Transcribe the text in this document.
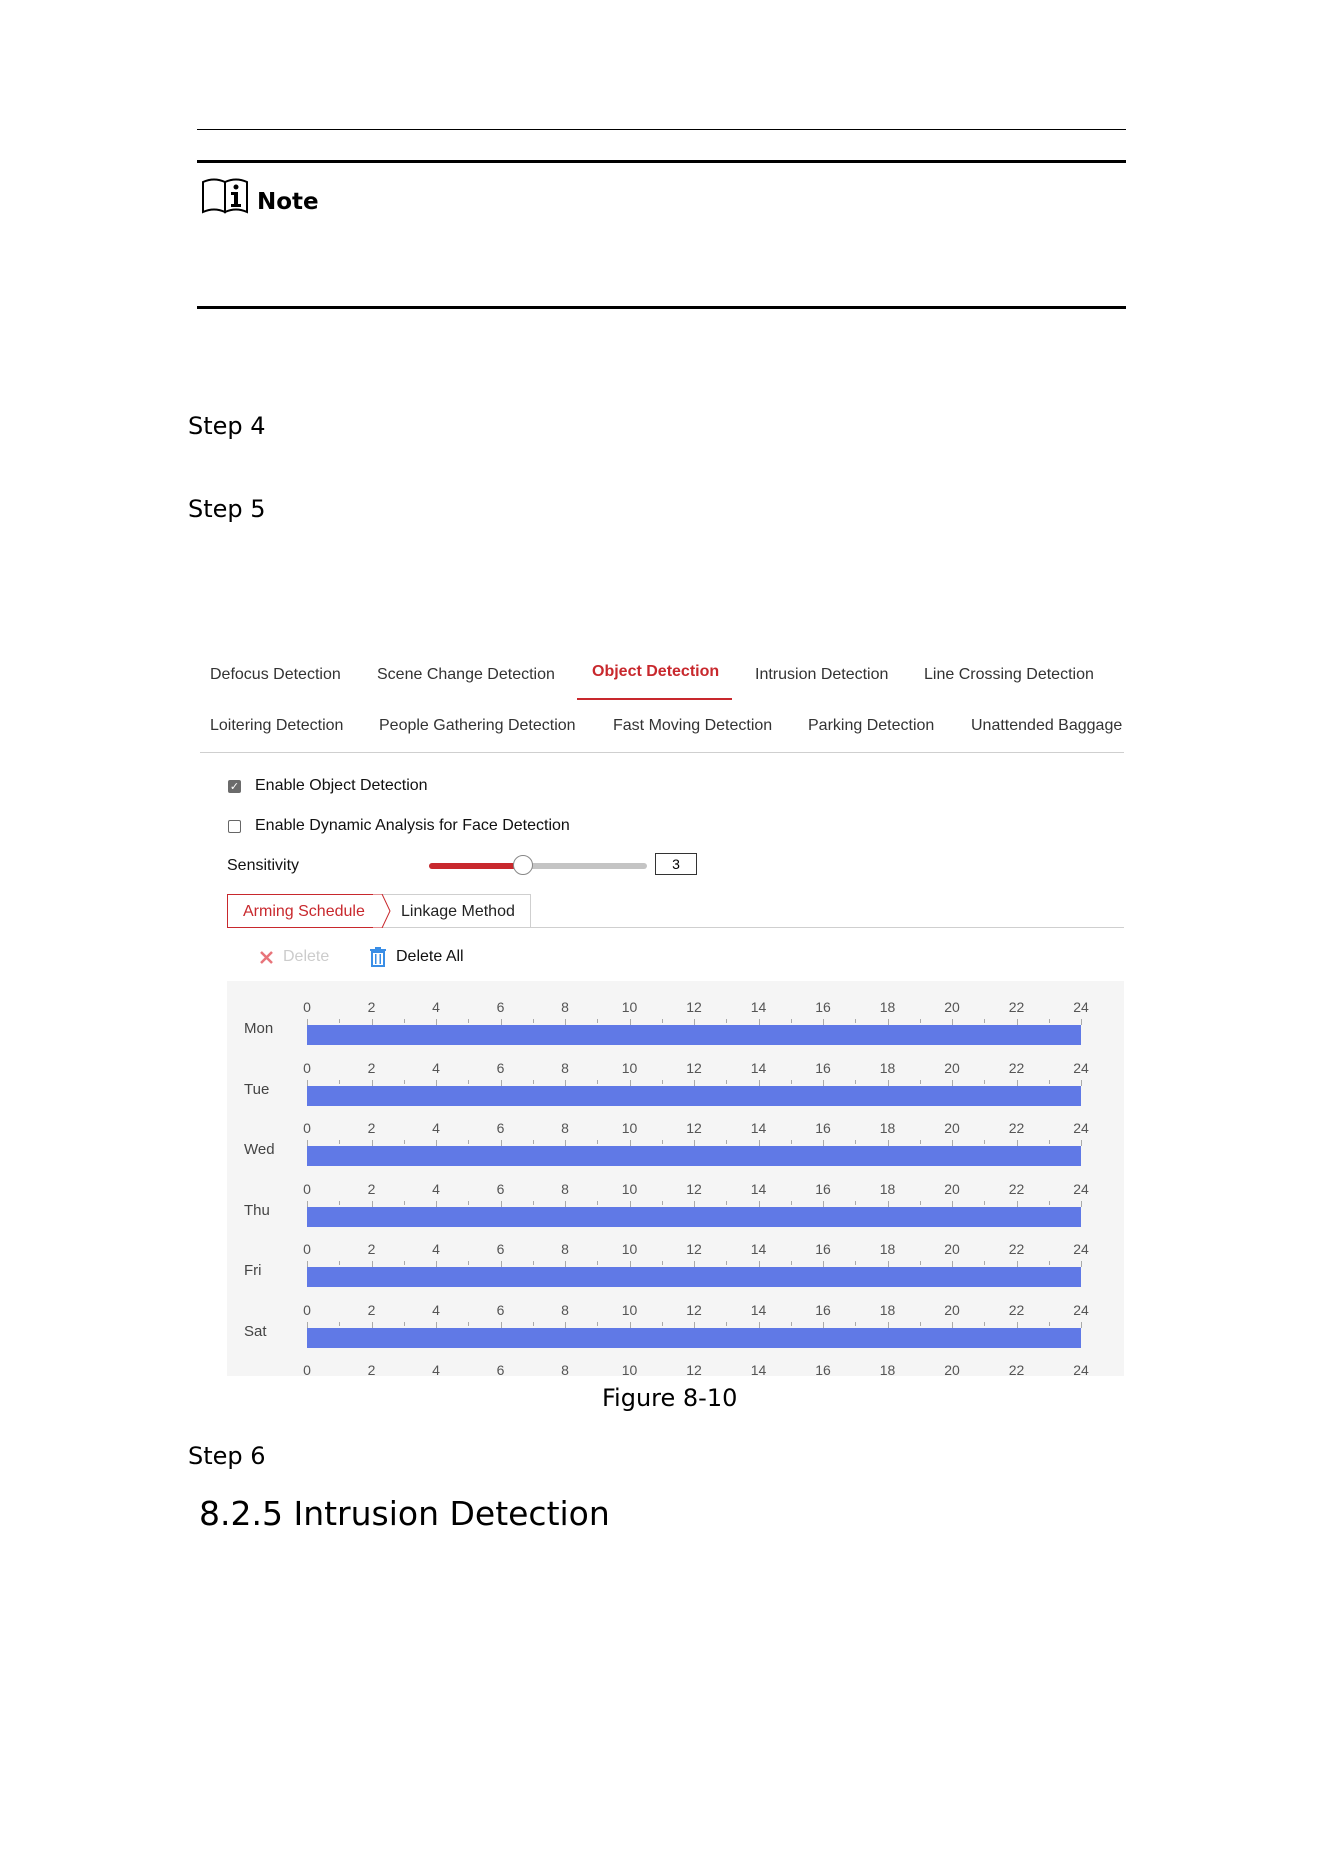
Note
Step 4
Step 5
Defocus Detection Scene Change Detection Object Detection Intrusion Detection Line Crossing Detection
Loitering Detection People Gathering Detection Fast Moving Detection Parking Detection Unattended Baggage
✓ Enable Object Detection
Enable Dynamic Analysis for Face Detection
Sensitivity	3
Linkage Method
Arming Schedule
Delete	Delete All
0	2	4	6	8	10	12	14	16	18	20	22	24
Mon
0	2	4	6	8	10	12	14	16	18	20	22	24
Tue
0	2	4	6	8	10	12	14	16	18	20	22	24
Wed
0	2	4	6	8	10	12	14	16	18	20	22	24
Thu
0	2	4	6	8	10	12	14	16	18	20	22	24
Fri
0	2	4	6	8	10	12	14	16	18	20	22	24
Sat
0	2	4	6	8	10	12	14	16	18	20	22	24
Figure 8-10
Step 6
8.2.5 Intrusion Detection
